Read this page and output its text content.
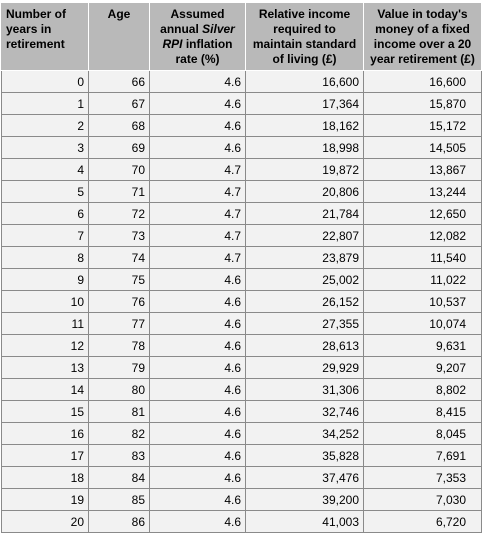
Number of years in retirement	Age	Assumed annual Silver RPI inflation rate (%)	Relative income required to maintain standard of living (£)	Value in today's money of a fixed income over a 20 year retirement (£)
0	66	4.6	16,600	16,600
1	67	4.6	17,364	15,870
2	68	4.6	18,162	15,172
3	69	4.6	18,998	14,505
4	70	4.7	19,872	13,867
5	71	4.7	20,806	13,244
6	72	4.7	21,784	12,650
7	73	4.7	22,807	12,082
8	74	4.7	23,879	11,540
9	75	4.6	25,002	11,022
10	76	4.6	26,152	10,537
11	77	4.6	27,355	10,074
12	78	4.6	28,613	9,631
13	79	4.6	29,929	9,207
14	80	4.6	31,306	8,802
15	81	4.6	32,746	8,415
16	82	4.6	34,252	8,045
17	83	4.6	35,828	7,691
18	84	4.6	37,476	7,353
19	85	4.6	39,200	7,030
20	86	4.6	41,003	6,720
